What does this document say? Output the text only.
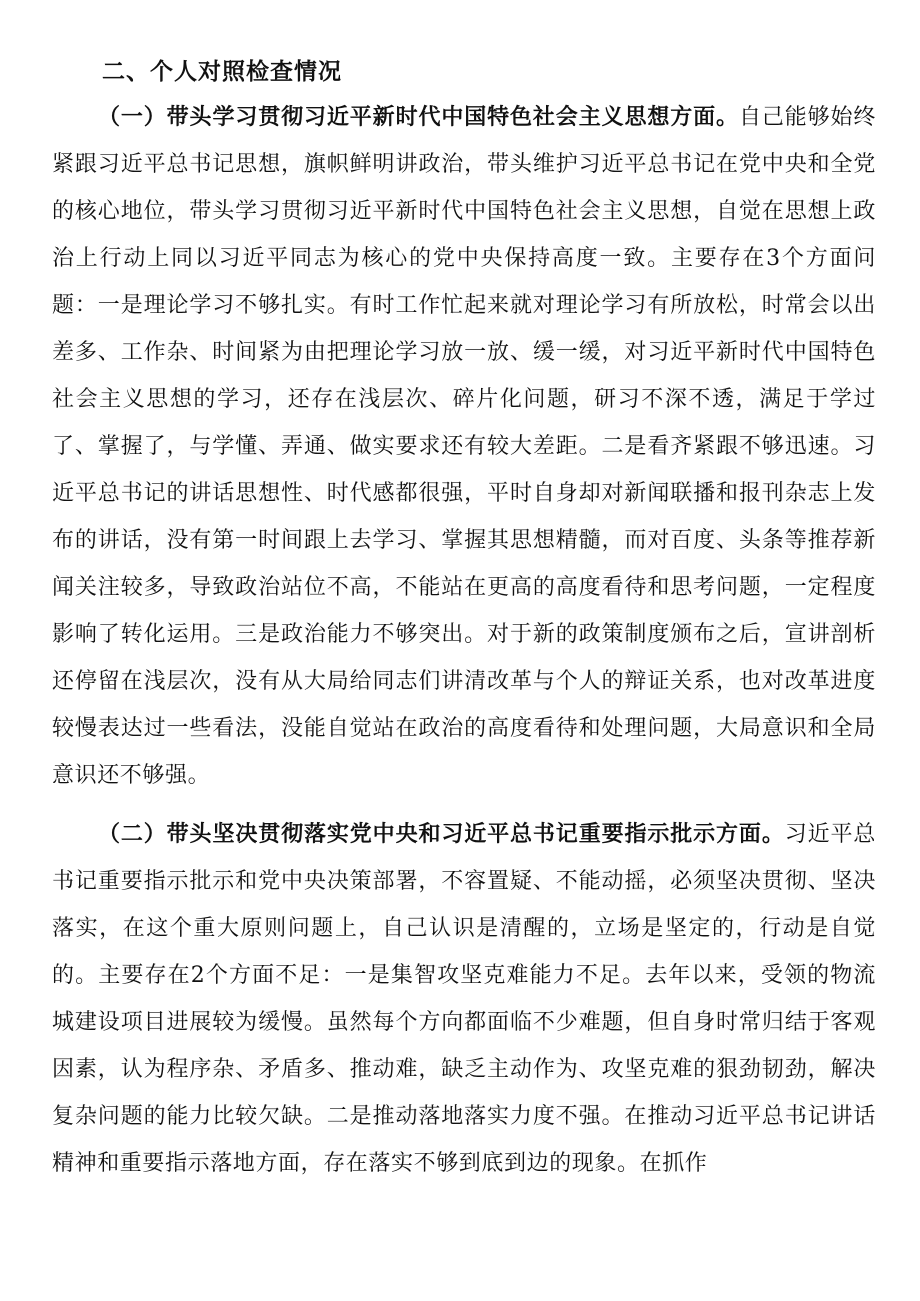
二、个人对照检查情况

（一）带头学习贯彻习近平新时代中国特色社会主义思想方面。自己能够始终紧跟习近平总书记思想，旗帜鲜明讲政治，带头维护习近平总书记在党中央和全党的核心地位，带头学习贯彻习近平新时代中国特色社会主义思想，自觉在思想上政治上行动上同以习近平同志为核心的党中央保持高度一致。主要存在3个方面问题：一是理论学习不够扎实。有时工作忙起来就对理论学习有所放松，时常会以出差多、工作杂、时间紧为由把理论学习放一放、缓一缓，对习近平新时代中国特色社会主义思想的学习，还存在浅层次、碎片化问题，研习不深不透，满足于学过了、掌握了，与学懂、弄通、做实要求还有较大差距。二是看齐紧跟不够迅速。习近平总书记的讲话思想性、时代感都很强，平时自身却对新闻联播和报刊杂志上发布的讲话，没有第一时间跟上去学习、掌握其思想精髓，而对百度、头条等推荐新闻关注较多，导致政治站位不高，不能站在更高的高度看待和思考问题，一定程度影响了转化运用。三是政治能力不够突出。对于新的政策制度颁布之后，宣讲剖析还停留在浅层次，没有从大局给同志们讲清改革与个人的辩证关系，也对改革进度较慢表达过一些看法，没能自觉站在政治的高度看待和处理问题，大局意识和全局意识还不够强。

（二）带头坚决贯彻落实党中央和习近平总书记重要指示批示方面。习近平总书记重要指示批示和党中央决策部署，不容置疑、不能动摇，必须坚决贯彻、坚决落实，在这个重大原则问题上，自己认识是清醒的，立场是坚定的，行动是自觉的。主要存在2个方面不足：一是集智攻坚克难能力不足。去年以来，受领的物流城建设项目进展较为缓慢。虽然每个方向都面临不少难题，但自身时常归结于客观因素，认为程序杂、矛盾多、推动难，缺乏主动作为、攻坚克难的狠劲韧劲，解决复杂问题的能力比较欠缺。二是推动落地落实力度不强。在推动习近平总书记讲话精神和重要指示落地方面，存在落实不够到底到边的现象。在抓作
